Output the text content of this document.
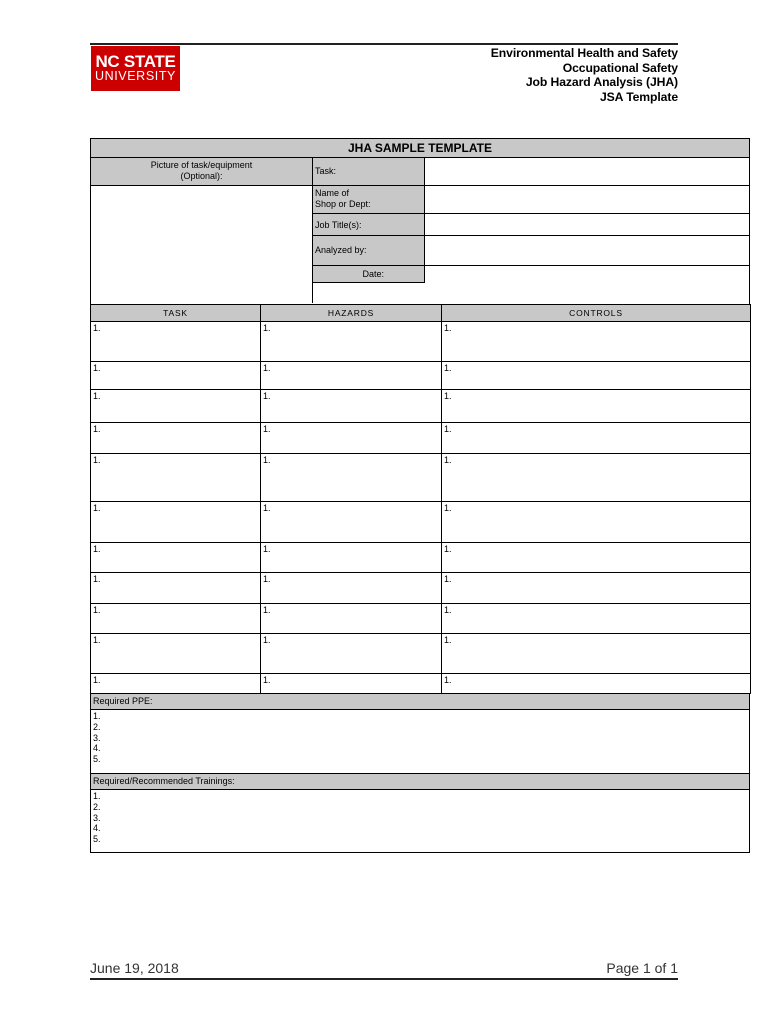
NC STATE
UNIVERSITY
Environmental Health and Safety
Occupational Safety
Job Hazard Analysis (JHA)
JSA Template
JHA SAMPLE TEMPLATE
Picture of task/equipment
(Optional):	Task:
Name of
Shop or Dept:
Job Title(s):
Analyzed by:
Date:
TASK	HAZARDS	CONTROLS
1.	1.	1.
1.	1.	1.
1.	1.	1.
1.	1.	1.
1.	1.	1.
1.	1.	1.
1.	1.	1.
1.	1.	1.
1.	1.	1.
1.	1.	1.
1.	1.	1.
Required PPE:
1.
2.
3.
4.
5.
Required/Recommended Trainings:
1.
2.
3.
4.
5.
June 19, 2018	Page 1 of 1
